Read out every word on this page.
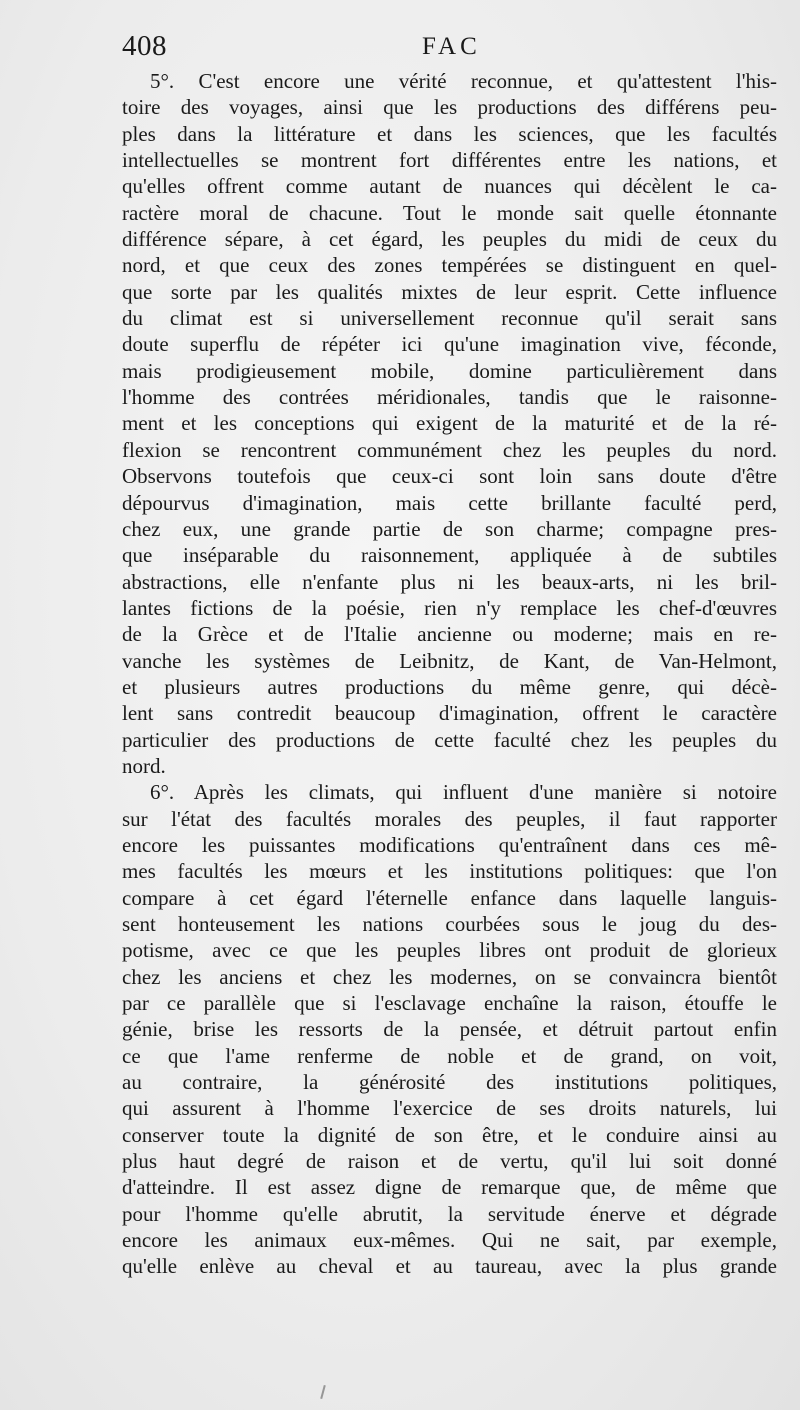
408	FAC
5°. C'est encore une vérité reconnue, et qu'attestent l'his-
toire des voyages, ainsi que les productions des différens peu-
ples dans la littérature et dans les sciences, que les facultés
intellectuelles se montrent fort différentes entre les nations, et
qu'elles offrent comme autant de nuances qui décèlent le ca-
ractère moral de chacune. Tout le monde sait quelle étonnante
différence sépare, à cet égard, les peuples du midi de ceux du
nord, et que ceux des zones tempérées se distinguent en quel-
que sorte par les qualités mixtes de leur esprit. Cette influence
du climat est si universellement reconnue qu'il serait sans
doute superflu de répéter ici qu'une imagination vive, féconde,
mais prodigieusement mobile, domine particulièrement dans
l'homme des contrées méridionales, tandis que le raisonne-
ment et les conceptions qui exigent de la maturité et de la ré-
flexion se rencontrent communément chez les peuples du nord.
Observons toutefois que ceux-ci sont loin sans doute d'être
dépourvus d'imagination, mais cette brillante faculté perd,
chez eux, une grande partie de son charme; compagne pres-
que inséparable du raisonnement, appliquée à de subtiles
abstractions, elle n'enfante plus ni les beaux-arts, ni les bril-
lantes fictions de la poésie, rien n'y remplace les chef-d'œuvres
de la Grèce et de l'Italie ancienne ou moderne; mais en re-
vanche les systèmes de Leibnitz, de Kant, de Van-Helmont,
et plusieurs autres productions du même genre, qui décè-
lent sans contredit beaucoup d'imagination, offrent le caractère
particulier des productions de cette faculté chez les peuples du
nord.
6°. Après les climats, qui influent d'une manière si notoire
sur l'état des facultés morales des peuples, il faut rapporter
encore les puissantes modifications qu'entraînent dans ces mê-
mes facultés les mœurs et les institutions politiques: que l'on
compare à cet égard l'éternelle enfance dans laquelle languis-
sent honteusement les nations courbées sous le joug du des-
potisme, avec ce que les peuples libres ont produit de glorieux
chez les anciens et chez les modernes, on se convaincra bientôt
par ce parallèle que si l'esclavage enchaîne la raison, étouffe le
génie, brise les ressorts de la pensée, et détruit partout enfin
ce que l'ame renferme de noble et de grand, on voit,
au contraire, la générosité des institutions politiques,
qui assurent à l'homme l'exercice de ses droits naturels, lui
conserver toute la dignité de son être, et le conduire ainsi au
plus haut degré de raison et de vertu, qu'il lui soit donné
d'atteindre. Il est assez digne de remarque que, de même que
pour l'homme qu'elle abrutit, la servitude énerve et dégrade
encore les animaux eux-mêmes. Qui ne sait, par exemple,
qu'elle enlève au cheval et au taureau, avec la plus grande
